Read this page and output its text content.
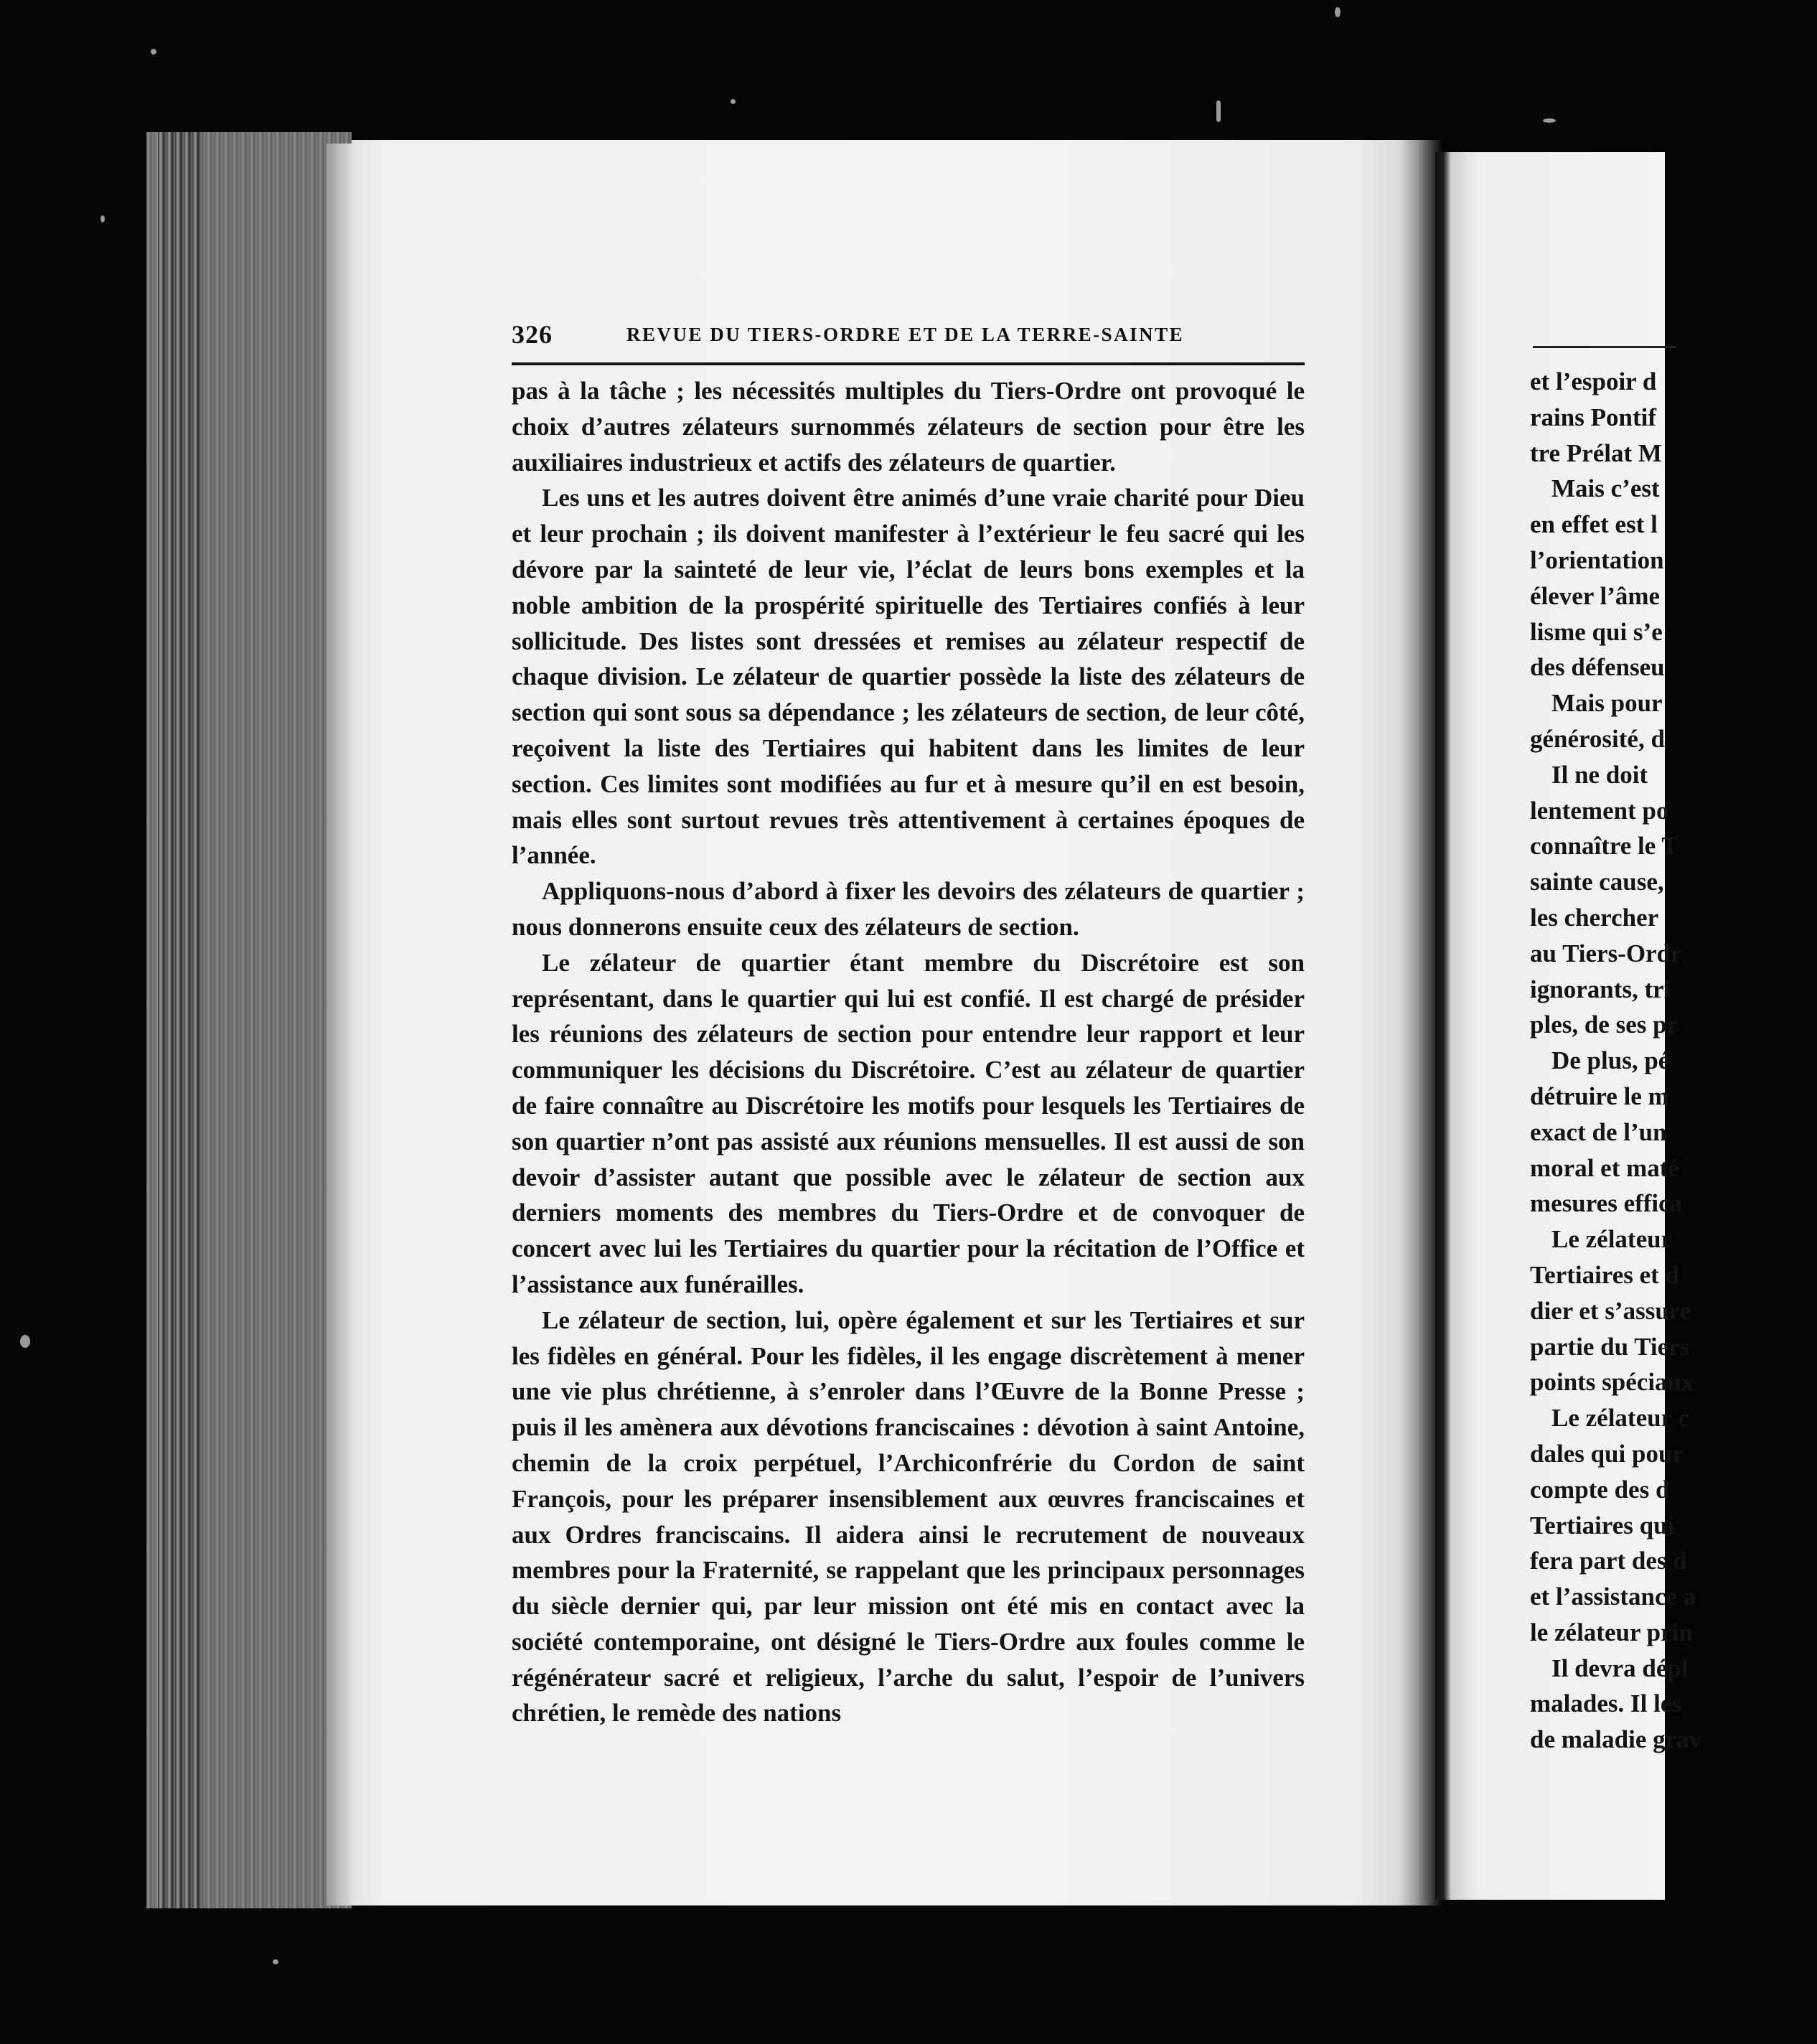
326	REVUE DU TIERS-ORDRE ET DE LA TERRE-SAINTE

pas à la tâche ; les nécessités multiples du Tiers-Ordre ont provoqué le choix d’autres zélateurs surnommés zélateurs de section pour être les auxiliaires industrieux et actifs des zélateurs de quartier.

Les uns et les autres doivent être animés d’une vraie charité pour Dieu et leur prochain ; ils doivent manifester à l’extérieur le feu sacré qui les dévore par la sainteté de leur vie, l’éclat de leurs bons exemples et la noble ambition de la prospérité spirituelle des Tertiaires confiés à leur sollicitude. Des listes sont dressées et remises au zélateur respectif de chaque division. Le zélateur de quartier possède la liste des zélateurs de section qui sont sous sa dépendance ; les zélateurs de section, de leur côté, reçoivent la liste des Tertiaires qui habitent dans les limites de leur section. Ces limites sont modifiées au fur et à mesure qu’il en est besoin, mais elles sont surtout revues très attentivement à certaines époques de l’année.

Appliquons-nous d’abord à fixer les devoirs des zélateurs de quartier ; nous donnerons ensuite ceux des zélateurs de section.

Le zélateur de quartier étant membre du Discrétoire est son représentant, dans le quartier qui lui est confié. Il est chargé de présider les réunions des zélateurs de section pour entendre leur rapport et leur communiquer les décisions du Discrétoire. C’est au zélateur de quartier de faire connaître au Discrétoire les motifs pour lesquels les Tertiaires de son quartier n’ont pas assisté aux réunions mensuelles. Il est aussi de son devoir d’assister autant que possible avec le zélateur de section aux derniers moments des membres du Tiers-Ordre et de convoquer de concert avec lui les Tertiaires du quartier pour la récitation de l’Office et l’assistance aux funérailles.

Le zélateur de section, lui, opère également et sur les Tertiaires et sur les fidèles en général. Pour les fidèles, il les engage discrètement à mener une vie plus chrétienne, à s’enroler dans l’Œuvre de la Bonne Presse ; puis il les amènera aux dévotions franciscaines : dévotion à saint Antoine, chemin de la croix perpétuel, l’Archiconfrérie du Cordon de saint François, pour les préparer insensiblement aux œuvres franciscaines et aux Ordres franciscains. Il aidera ainsi le recrutement de nouveaux membres pour la Fraternité, se rappelant que les principaux personnages du siècle dernier qui, par leur mission ont été mis en contact avec la société contemporaine, ont désigné le Tiers-Ordre aux foules comme le régénérateur sacré et religieux, l’arche du salut, l’espoir de l’univers chrétien, le remède des nations

et l’espoir d
rains Pontif
tre Prélat M
Mais c’est
en effet est l
l’orientation
élever l’âme
lisme qui s’e
des défenseu
Mais pour
générosité, d
Il ne doit
lentement po
connaître le T
sainte cause,
les chercher
au Tiers-Ordr
ignorants, tri
ples, de ses pr
De plus, pé
détruire le m
exact de l’un
moral et maté
mesures effica
Le zélateur
Tertiaires et d
dier et s’assure
partie du Tiers
points spéciaux
Le zélateur c
dales qui pour
compte des d
Tertiaires qui
fera part des d
et l’assistance a
le zélateur prin
Il devra dépl
malades. Il les
de maladie grav
